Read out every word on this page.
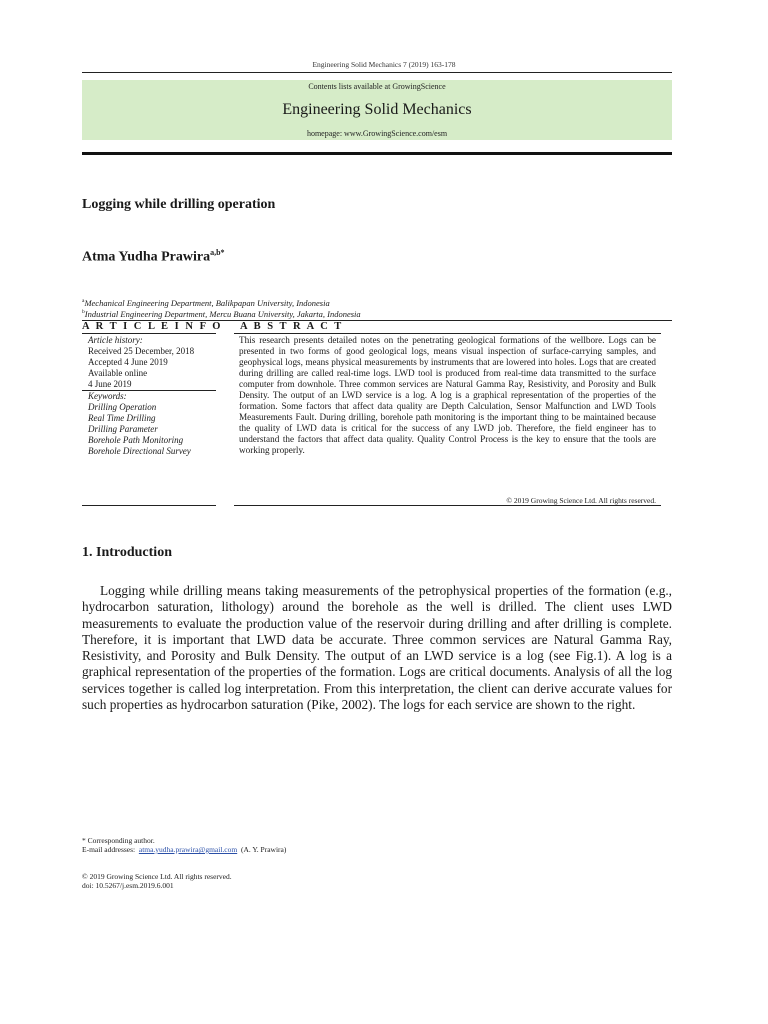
Engineering Solid Mechanics 7 (2019) 163-178
Contents lists available at GrowingScience
Engineering Solid Mechanics
homepage: www.GrowingScience.com/esm
Logging while drilling operation
Atma Yudha Prawira$^{a,b*}$
$^a$Mechanical Engineering Department, Balikpapan University, Indonesia
$^b$Industrial Engineering Department, Mercu Buana University, Jakarta, Indonesia
A R T I C L E I N F O A B S T R A C T
Article history:
Received 25 December, 2018
Accepted 4 June 2019
Available online
4 June 2019
Keywords:
Drilling Operation
Real Time Drilling
Drilling Parameter
Borehole Path Monitoring
Borehole Directional Survey
This research presents detailed notes on the penetrating geological formations of the wellbore. Logs can be presented in two forms of good geological logs, means visual inspection of surface-carrying samples, and geophysical logs, means physical measurements by instruments that are lowered into holes. Logs that are created during drilling are called real-time logs. LWD tool is produced from real-time data transmitted to the surface computer from downhole. Three common services are Natural Gamma Ray, Resistivity, and Porosity and Bulk Density. The output of an LWD service is a log. A log is a graphical representation of the properties of the formation. Some factors that affect data quality are Depth Calculation, Sensor Malfunction and LWD Tools Measurements Fault. During drilling, borehole path monitoring is the important thing to be maintained because the quality of LWD data is critical for the success of any LWD job. Therefore, the field engineer has to understand the factors that affect data quality. Quality Control Process is the key to ensure that the tools are working properly.
© 2019 Growing Science Ltd. All rights reserved.
1. Introduction
Logging while drilling means taking measurements of the petrophysical properties of the formation (e.g., hydrocarbon saturation, lithology) around the borehole as the well is drilled. The client uses LWD measurements to evaluate the production value of the reservoir during drilling and after drilling is complete. Therefore, it is important that LWD data be accurate. Three common services are Natural Gamma Ray, Resistivity, and Porosity and Bulk Density. The output of an LWD service is a log (see Fig.1). A log is a graphical representation of the properties of the formation. Logs are critical documents. Analysis of all the log services together is called log interpretation. From this interpretation, the client can derive accurate values for such properties as hydrocarbon saturation (Pike, 2002). The logs for each service are shown to the right.
* Corresponding author.
E-mail addresses: atma.yudha.prawira@gmail.com (A. Y. Prawira)
© 2019 Growing Science Ltd. All rights reserved.
doi: 10.5267/j.esm.2019.6.001
